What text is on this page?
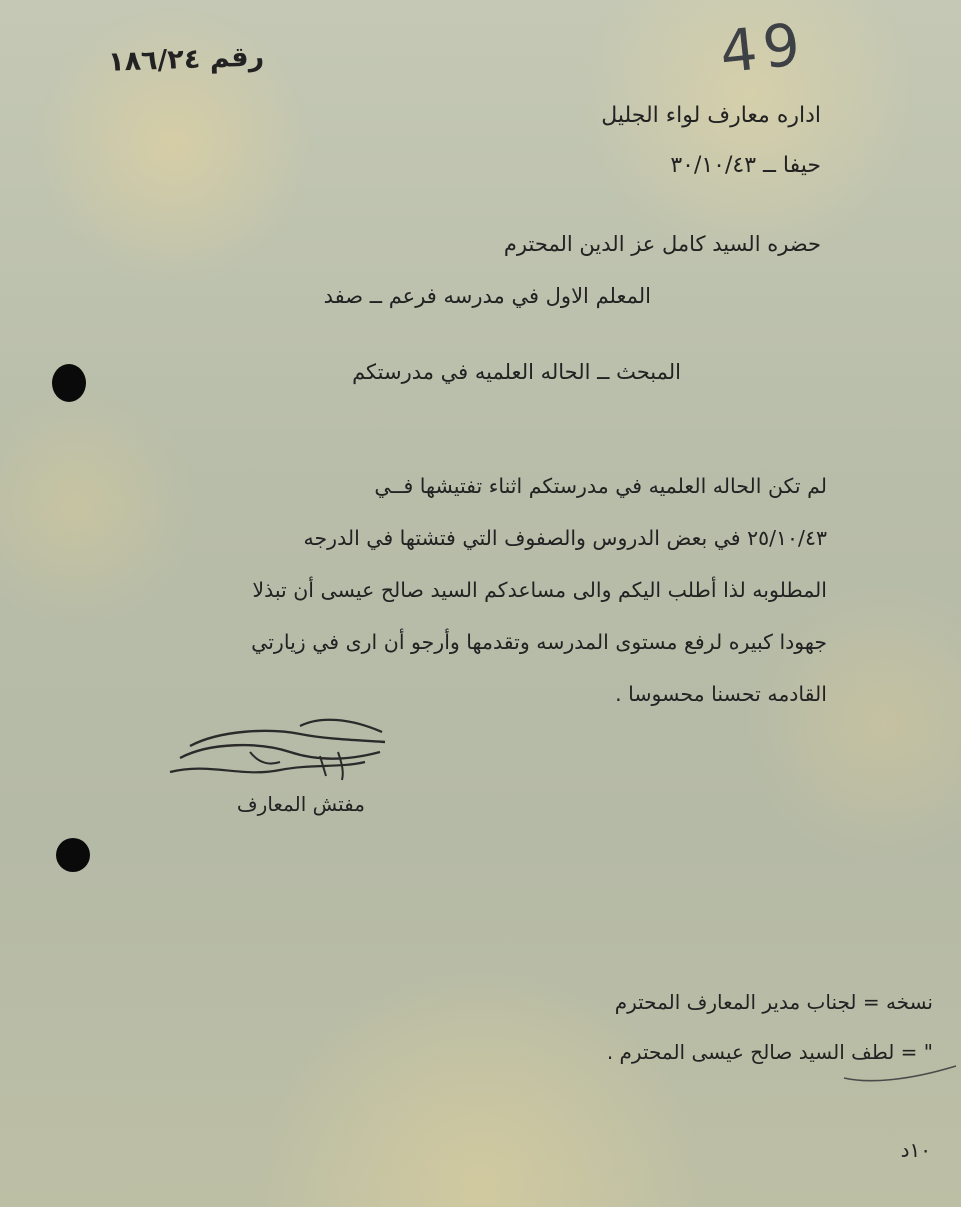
رقم ١٨٦/٢٤	49
اداره معارف لواء الجليل
حيفا ــ ٣٠/١٠/٤٣
حضره السيد كامل عز الدين المحترم
المعلم الاول في مدرسه فرعم ــ صفد
المبحث ــ الحاله العلميه في مدرستكم
لم تكن الحاله العلميه في مدرستكم اثناء تفتيشها فــي
٢٥/١٠/٤٣ في بعض الدروس والصفوف التي فتشتها في الدرجه
المطلوبه لذا أطلب اليكم والى مساعدكم السيد صالح عيسى أن تبذلا
جهودا كبيره لرفع مستوى المدرسه وتقدمها وأرجو أن ارى في زيارتي
القادمه تحسنا محسوسا .
مفتش المعارف
نسخه = لجناب مدير المعارف المحترم
" = لطف السيد صالح عيسى المحترم .
١٠د
